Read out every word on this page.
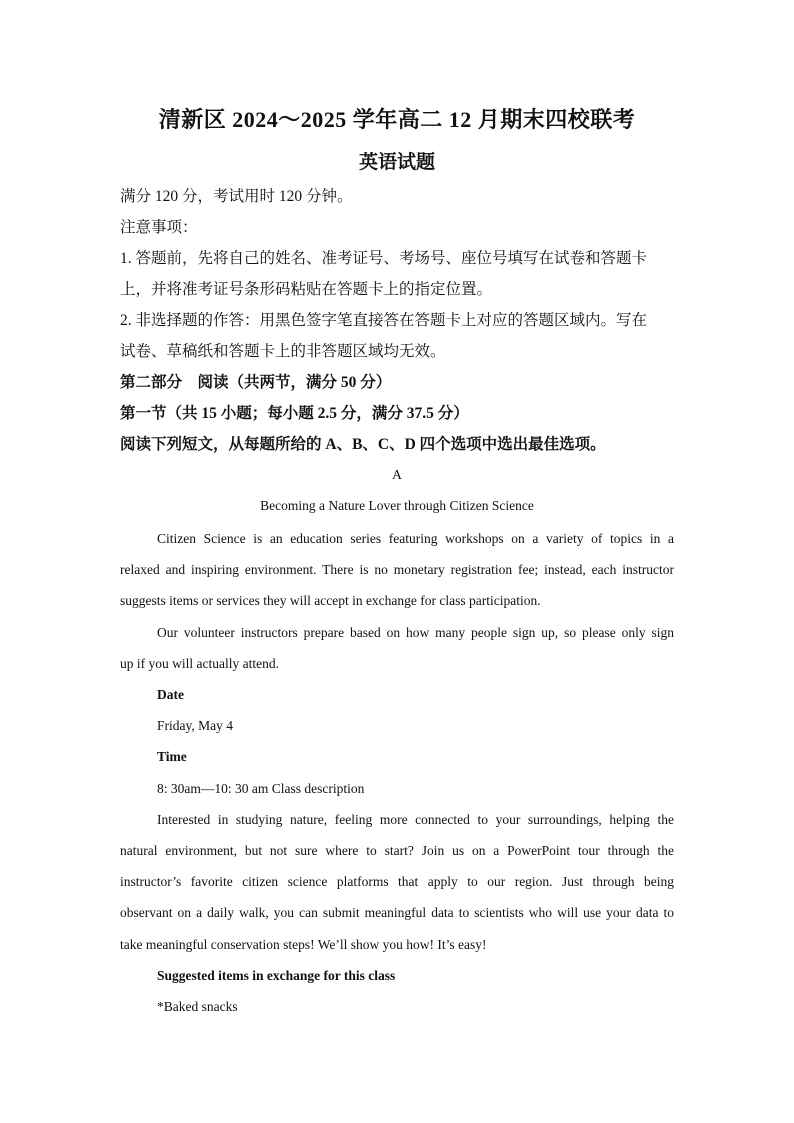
清新区 2024～2025 学年高二 12 月期末四校联考
英语试题
满分 120 分，考试用时 120 分钟。
注意事项：
1. 答题前，先将自己的姓名、准考证号、考场号、座位号填写在试卷和答题卡
上，并将准考证号条形码粘贴在答题卡上的指定位置。
2. 非选择题的作答：用黑色签字笔直接答在答题卡上对应的答题区域内。写在
试卷、草稿纸和答题卡上的非答题区域均无效。
第二部分　阅读（共两节，满分 50 分）
第一节（共 15 小题；每小题 2.5 分，满分 37.5 分）
阅读下列短文，从每题所给的 A、B、C、D 四个选项中选出最佳选项。
A
Becoming a Nature Lover through Citizen Science
Citizen Science is an education series featuring workshops on a variety of topics in a
relaxed and inspiring environment. There is no monetary registration fee; instead, each instructor
suggests items or services they will accept in exchange for class participation.
Our volunteer instructors prepare based on how many people sign up, so please only sign
up if you will actually attend.
Date
Friday, May 4
Time
8: 30am—10: 30 am Class description
Interested in studying nature, feeling more connected to your surroundings, helping the
natural environment, but not sure where to start? Join us on a PowerPoint tour through the
instructor’s favorite citizen science platforms that apply to our region. Just through being
observant on a daily walk, you can submit meaningful data to scientists who will use your data to
take meaningful conservation steps! We’ll show you how! It’s easy!
Suggested items in exchange for this class
*Baked snacks
